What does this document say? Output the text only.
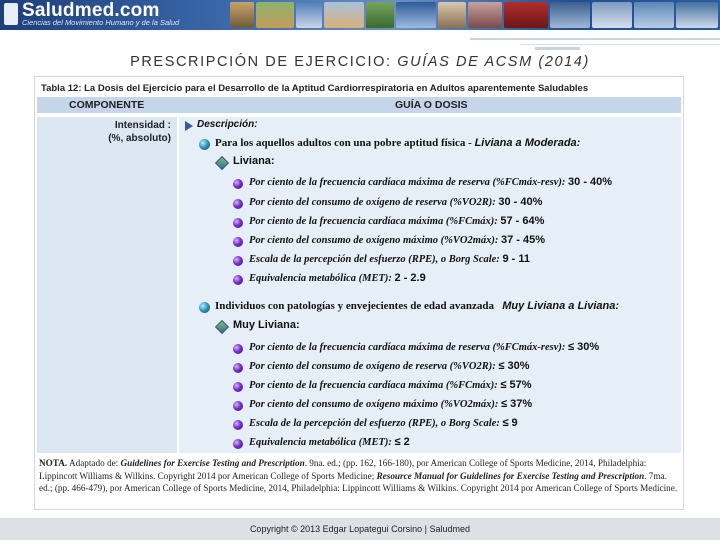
Saludmed.com
Ciencias del Movimiento Humano y de la Salud
PRESCRIPCIÓN DE EJERCICIO: GUÍAS DE ACSM (2014)
Tabla 12: La Dosis del Ejercicio para el Desarrollo de la Aptitud Cardiorrespiratoria en Adultos aparentemente Saludables
COMPONENTE	GUÍA O DOSIS
Intensidad :
(%, absoluto)
Descripción:
Para los aquellos adultos con una pobre aptitud física - Liviana a Moderada:
Liviana:
Por ciento de la frecuencia cardíaca máxima de reserva (%FCmáx-resv): 30 - 40%
Por ciento del consumo de oxígeno de reserva (%VO2R): 30 - 40%
Por ciento de la frecuencia cardíaca máxima (%FCmáx): 57 - 64%
Por ciento del consumo de oxígeno máximo (%VO2máx): 37 - 45%
Escala de la percepción del esfuerzo (RPE), o Borg Scale: 9 - 11
Equivalencia metabólica (MET): 2 - 2.9
Individuos con patologías y envejecientes de edad avanzada Muy Liviana a Liviana:
Muy Liviana:
Por ciento de la frecuencia cardíaca máxima de reserva (%FCmáx-resv): ≤ 30%
Por ciento del consumo de oxígeno de reserva (%VO2R): ≤ 30%
Por ciento de la frecuencia cardíaca máxima (%FCmáx): ≤ 57%
Por ciento del consumo de oxígeno máximo (%VO2máx): ≤ 37%
Escala de la percepción del esfuerzo (RPE), o Borg Scale: ≤ 9
Equivalencia metabólica (MET): ≤ 2
NOTA. Adaptado de: Guidelines for Exercise Testing and Prescription. 9na. ed.; (pp. 162, 166-180), por American College of Sports Medicine, 2014, Philadelphia: Lippincott Williams & Wilkins. Copyright 2014 por American College of Sports Medicine; Resource Manual for Guidelines for Exercise Testing and Prescription. 7ma. ed.; (pp. 466-479), por American College of Sports Medicine, 2014, Philadelphia: Lippincott Williams & Wilkins. Copyright 2014 por American College of Sports Medicine.
Copyright © 2013 Edgar Lopategui Corsino | Saludmed
